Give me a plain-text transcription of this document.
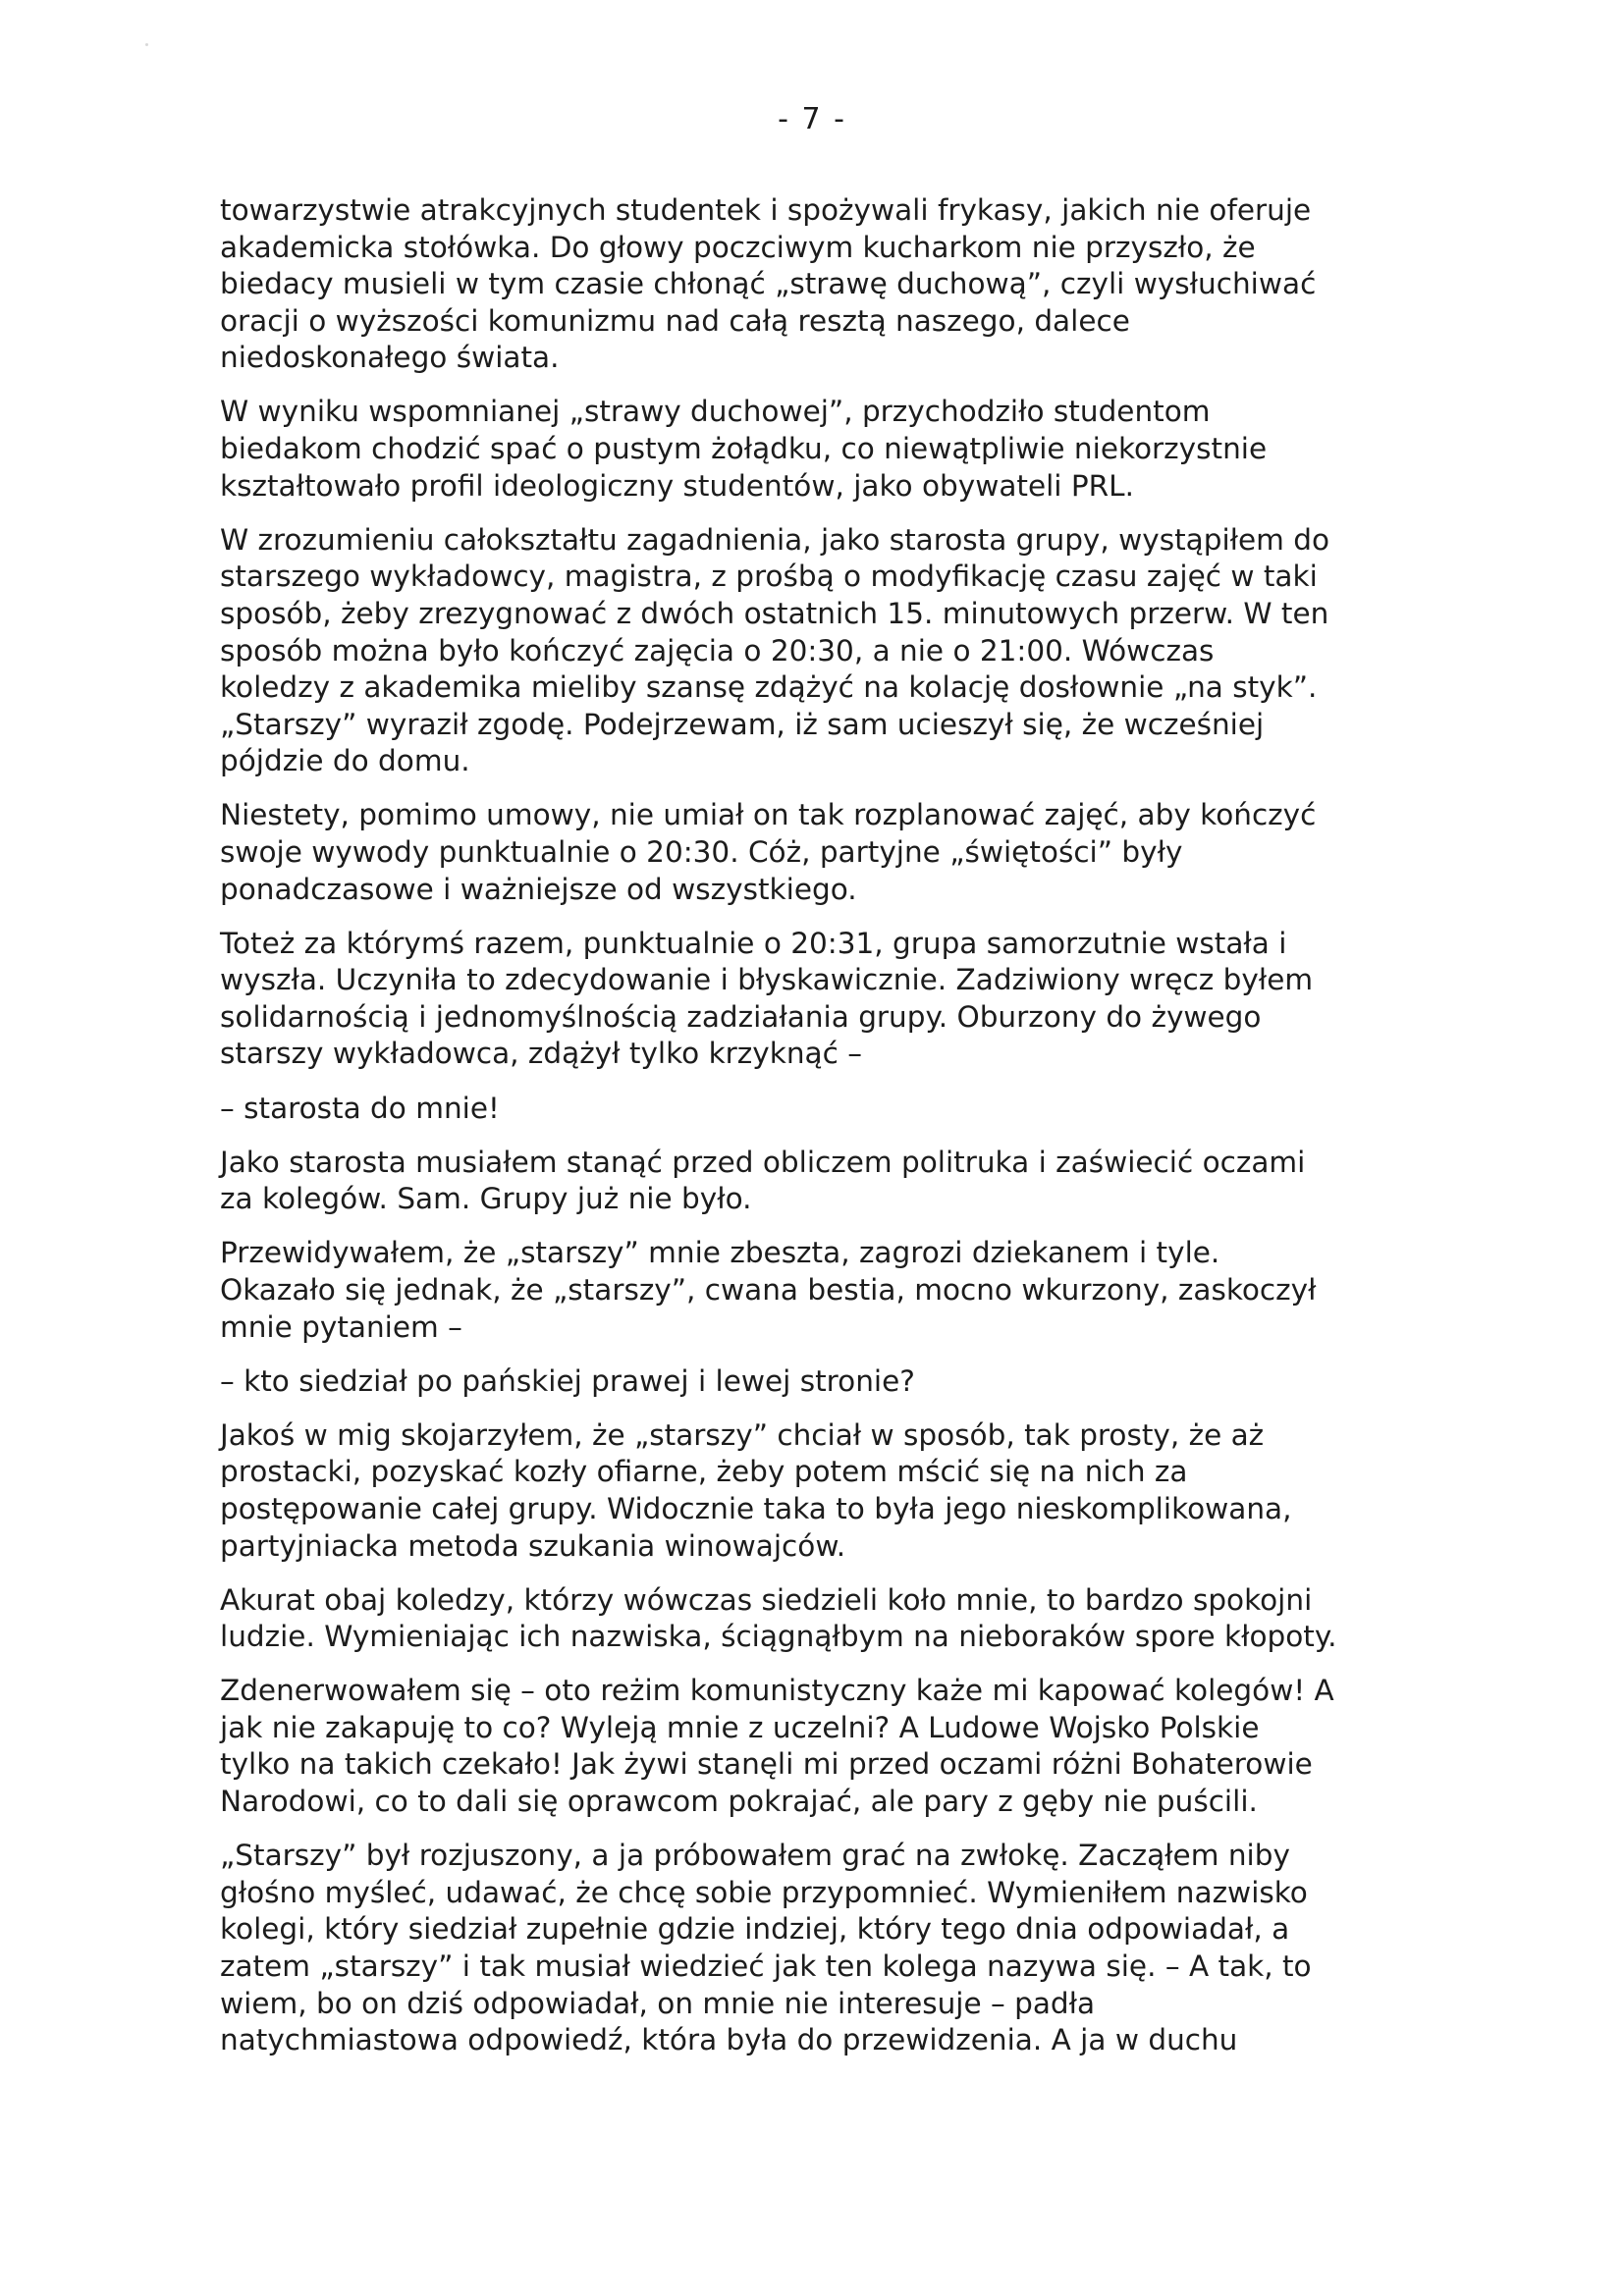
- 7 -

towarzystwie atrakcyjnych studentek i spożywali frykasy, jakich nie oferuje
akademicka stołówka. Do głowy poczciwym kucharkom nie przyszło, że
biedacy musieli w tym czasie chłonąć „strawę duchową”, czyli wysłuchiwać
oracji o wyższości komunizmu nad całą resztą naszego, dalece
niedoskonałego świata.

W wyniku wspomnianej „strawy duchowej”, przychodziło studentom
biedakom chodzić spać o pustym żołądku, co niewątpliwie niekorzystnie
kształtowało profil ideologiczny studentów, jako obywateli PRL.

W zrozumieniu całokształtu zagadnienia, jako starosta grupy, wystąpiłem do
starszego wykładowcy, magistra, z prośbą o modyfikację czasu zajęć w taki
sposób, żeby zrezygnować z dwóch ostatnich 15. minutowych przerw. W ten
sposób można było kończyć zajęcia o 20:30, a nie o 21:00. Wówczas
koledzy z akademika mieliby szansę zdążyć na kolację dosłownie „na styk”.
„Starszy” wyraził zgodę. Podejrzewam, iż sam ucieszył się, że wcześniej
pójdzie do domu.

Niestety, pomimo umowy, nie umiał on tak rozplanować zajęć, aby kończyć
swoje wywody punktualnie o 20:30. Cóż, partyjne „świętości” były
ponadczasowe i ważniejsze od wszystkiego.

Toteż za którymś razem, punktualnie o 20:31, grupa samorzutnie wstała i
wyszła. Uczyniła to zdecydowanie i błyskawicznie. Zadziwiony wręcz byłem
solidarnością i jednomyślnością zadziałania grupy. Oburzony do żywego
starszy wykładowca, zdążył tylko krzyknąć –

– starosta do mnie!

Jako starosta musiałem stanąć przed obliczem politruka i zaświecić oczami
za kolegów. Sam. Grupy już nie było.

Przewidywałem, że „starszy” mnie zbeszta, zagrozi dziekanem i tyle.
Okazało się jednak, że „starszy”, cwana bestia, mocno wkurzony, zaskoczył
mnie pytaniem –

– kto siedział po pańskiej prawej i lewej stronie?

Jakoś w mig skojarzyłem, że „starszy” chciał w sposób, tak prosty, że aż
prostacki, pozyskać kozły ofiarne, żeby potem mścić się na nich za
postępowanie całej grupy. Widocznie taka to była jego nieskomplikowana,
partyjniacka metoda szukania winowajców.

Akurat obaj koledzy, którzy wówczas siedzieli koło mnie, to bardzo spokojni
ludzie. Wymieniając ich nazwiska, ściągnąłbym na nieboraków spore kłopoty.

Zdenerwowałem się – oto reżim komunistyczny każe mi kapować kolegów! A
jak nie zakapuję to co? Wyleją mnie z uczelni? A Ludowe Wojsko Polskie
tylko na takich czekało! Jak żywi stanęli mi przed oczami różni Bohaterowie
Narodowi, co to dali się oprawcom pokrajać, ale pary z gęby nie puścili.

„Starszy” był rozjuszony, a ja próbowałem grać na zwłokę. Zacząłem niby
głośno myśleć, udawać, że chcę sobie przypomnieć. Wymieniłem nazwisko
kolegi, który siedział zupełnie gdzie indziej, który tego dnia odpowiadał, a
zatem „starszy” i tak musiał wiedzieć jak ten kolega nazywa się. – A tak, to
wiem, bo on dziś odpowiadał, on mnie nie interesuje – padła
natychmiastowa odpowiedź, która była do przewidzenia. A ja w duchu
